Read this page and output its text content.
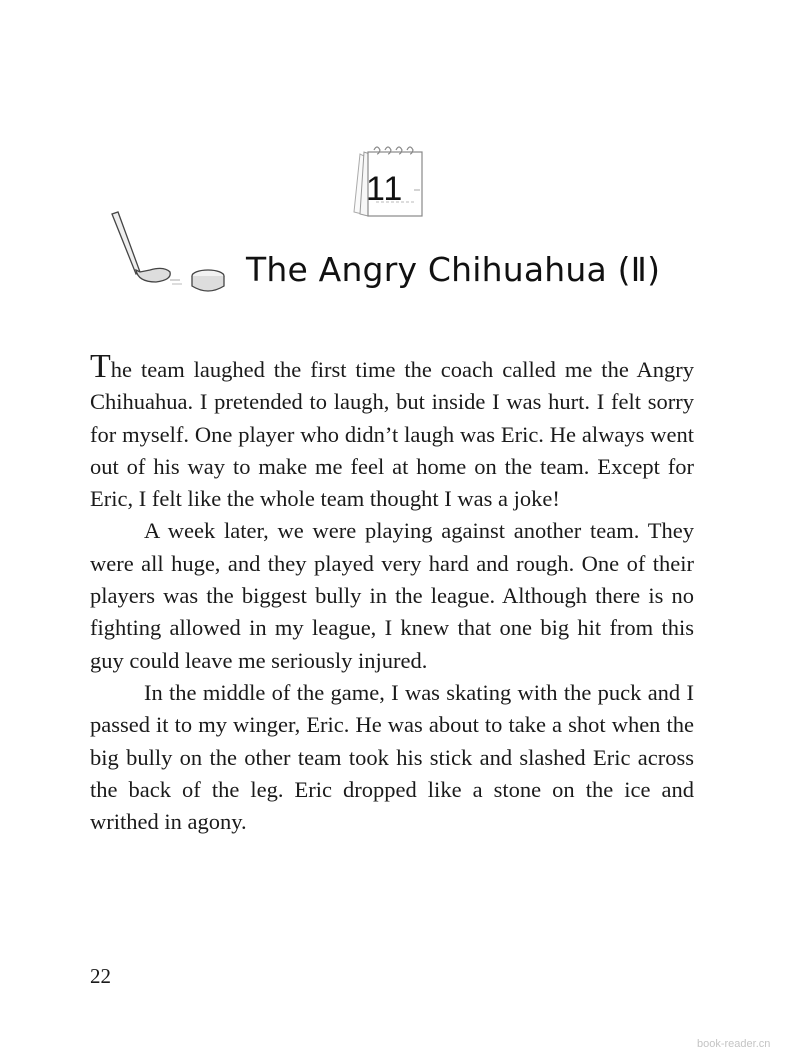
11
The Angry Chihuahua (Ⅱ)

The team laughed the first time the coach called me the Angry Chihuahua. I pretended to laugh, but inside I was hurt. I felt sorry for myself. One player who didn’t laugh was Eric. He always went out of his way to make me feel at home on the team. Except for Eric, I felt like the whole team thought I was a joke!

A week later, we were playing against another team. They were all huge, and they played very hard and rough. One of their players was the biggest bully in the league. Although there is no fighting allowed in my league, I knew that one big hit from this guy could leave me seriously injured.

In the middle of the game, I was skating with the puck and I passed it to my winger, Eric. He was about to take a shot when the big bully on the other team took his stick and slashed Eric across the back of the leg. Eric dropped like a stone on the ice and writhed in agony.

22
book-reader.cn
